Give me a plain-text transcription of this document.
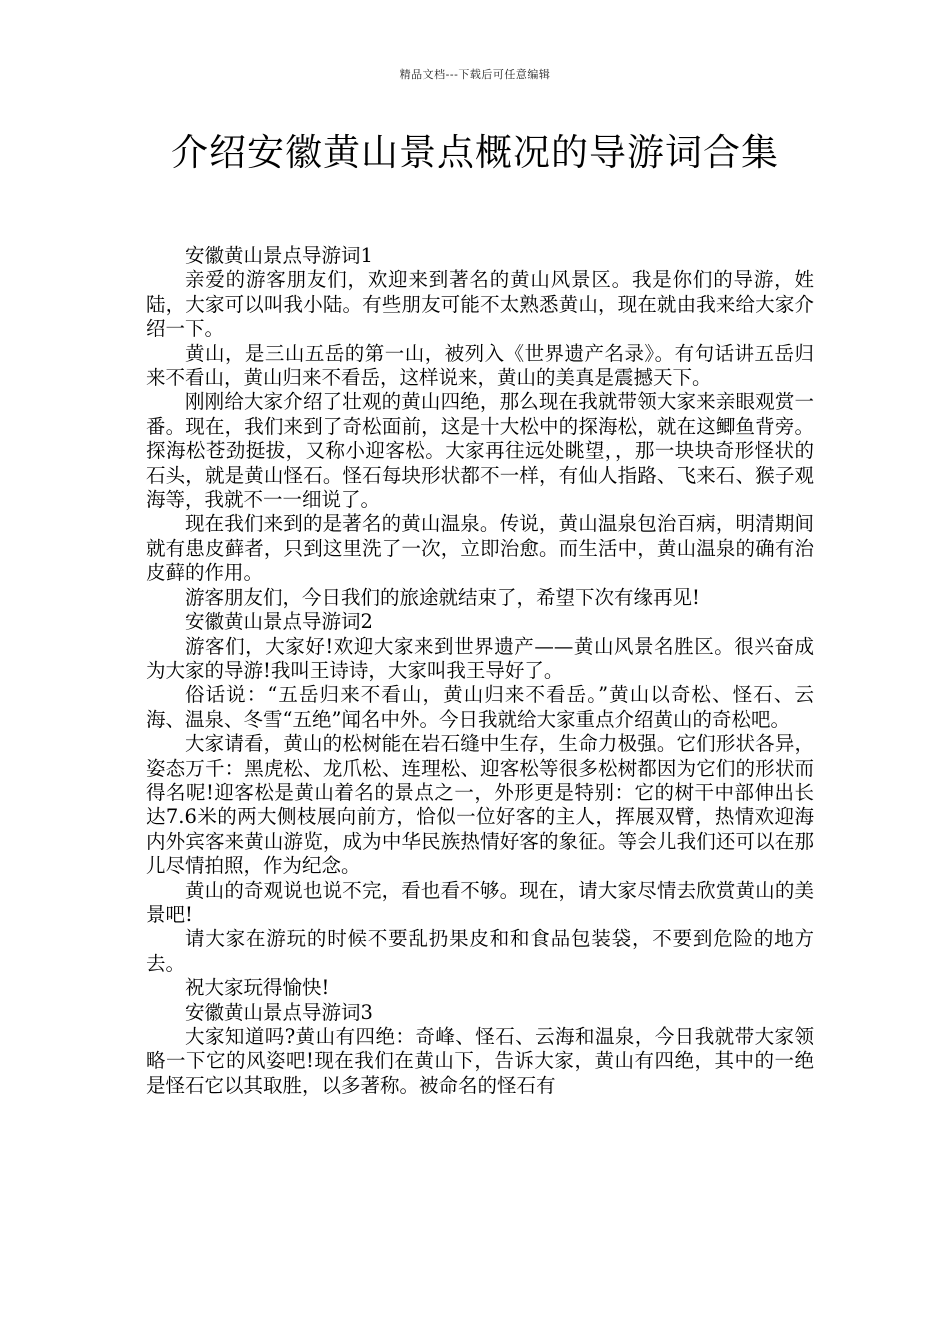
精品文档---下载后可任意编辑
介绍安徽黄山景点概况的导游词合集

安徽黄山景点导游词1

亲爱的游客朋友们，欢迎来到著名的黄山风景区。我是你们的导游，姓陆，大家可以叫我小陆。有些朋友可能不太熟悉黄山，现在就由我来给大家介绍一下。

黄山，是三山五岳的第一山，被列入《世界遗产名录》。有句话讲五岳归来不看山，黄山归来不看岳，这样说来，黄山的美真是震撼天下。

刚刚给大家介绍了壮观的黄山四绝，那么现在我就带领大家来亲眼观赏一番。现在，我们来到了奇松面前，这是十大松中的探海松，就在这鲫鱼背旁。探海松苍劲挺拔，又称小迎客松。大家再往远处眺望，，那一块块奇形怪状的石头，就是黄山怪石。怪石每块形状都不一样，有仙人指路、飞来石、猴子观海等，我就不一一细说了。

现在我们来到的是著名的黄山温泉。传说，黄山温泉包治百病，明清期间就有患皮藓者，只到这里洗了一次，立即治愈。而生活中，黄山温泉的确有治皮藓的作用。

游客朋友们，今日我们的旅途就结束了，希望下次有缘再见!

安徽黄山景点导游词2

游客们，大家好!欢迎大家来到世界遗产——黄山风景名胜区。很兴奋成为大家的导游!我叫王诗诗，大家叫我王导好了。

俗话说：“五岳归来不看山，黄山归来不看岳。”黄山以奇松、怪石、云海、温泉、冬雪“五绝”闻名中外。今日我就给大家重点介绍黄山的奇松吧。

大家请看，黄山的松树能在岩石缝中生存，生命力极强。它们形状各异，姿态万千：黑虎松、龙爪松、连理松、迎客松等很多松树都因为它们的形状而得名呢!迎客松是黄山着名的景点之一，外形更是特别：它的树干中部伸出长达7.6米的两大侧枝展向前方，恰似一位好客的主人，挥展双臂，热情欢迎海内外宾客来黄山游览，成为中华民族热情好客的象征。等会儿我们还可以在那儿尽情拍照，作为纪念。

黄山的奇观说也说不完，看也看不够。现在，请大家尽情去欣赏黄山的美景吧!

请大家在游玩的时候不要乱扔果皮和和食品包装袋，不要到危险的地方去。

祝大家玩得愉快!

安徽黄山景点导游词3

大家知道吗?黄山有四绝：奇峰、怪石、云海和温泉，今日我就带大家领略一下它的风姿吧!现在我们在黄山下，告诉大家，黄山有四绝，其中的一绝是怪石它以其取胜，以多著称。被命名的怪石有
